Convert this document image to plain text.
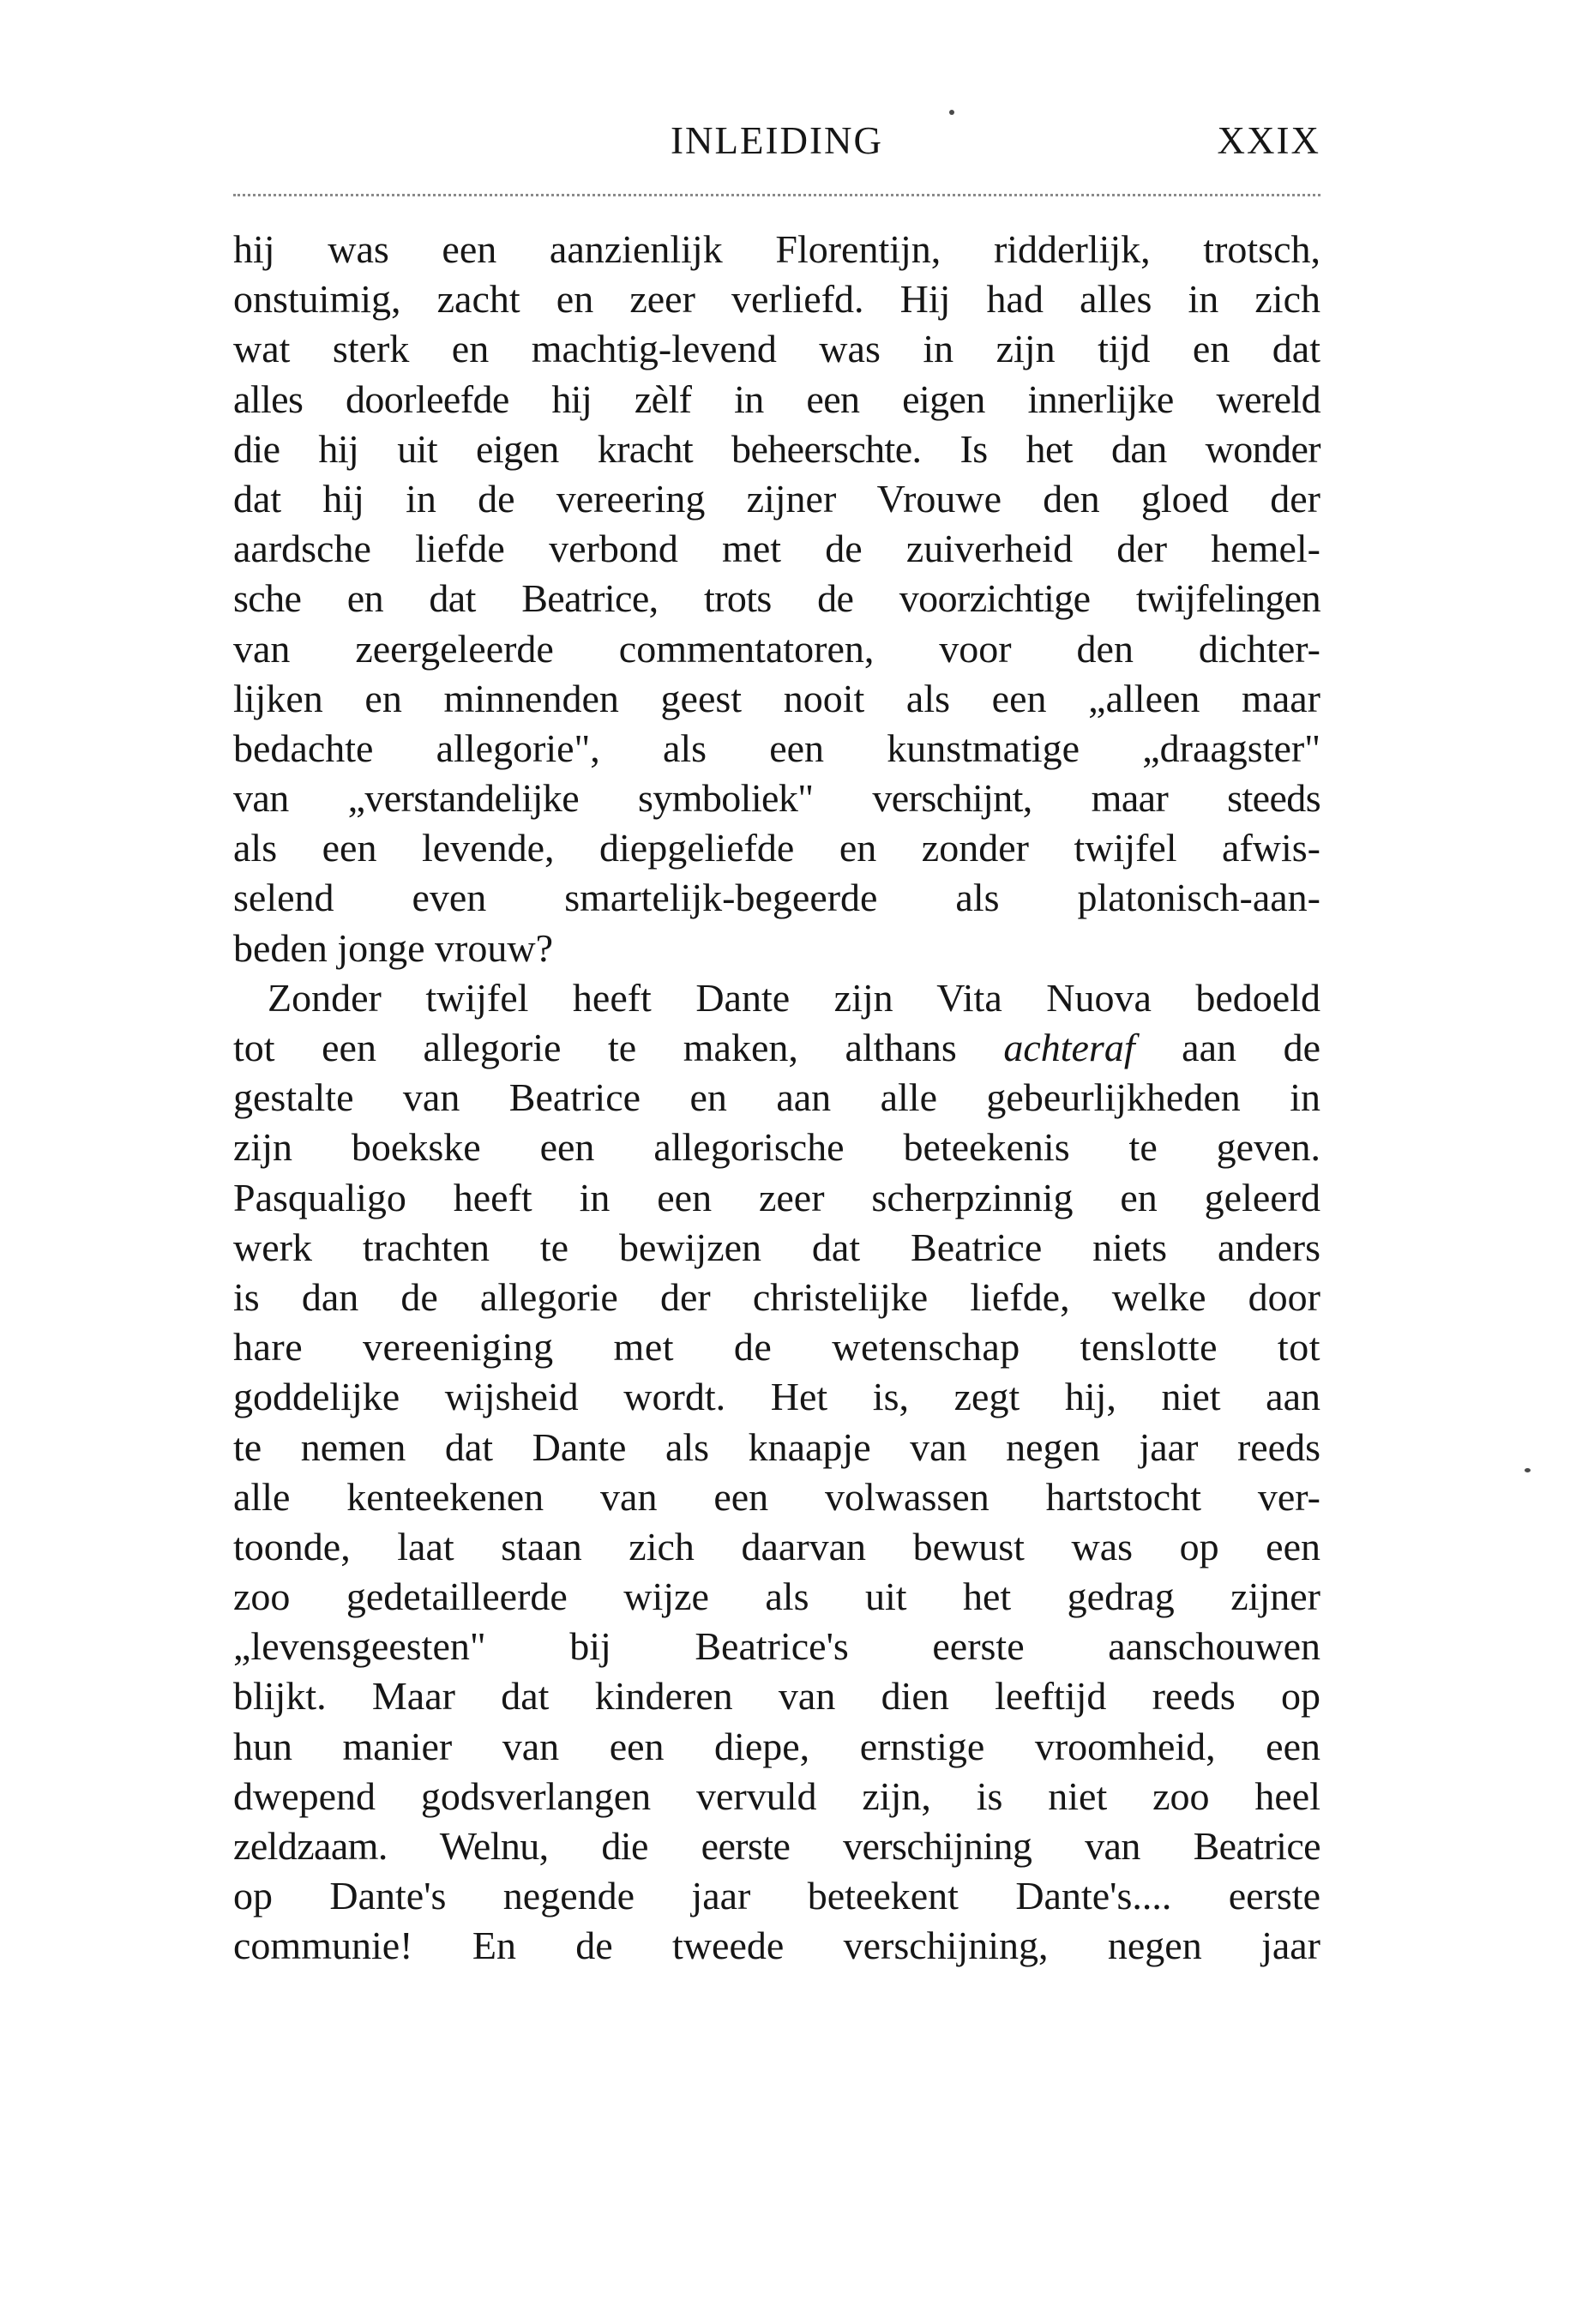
INLEIDING	XXIX
hij was een aanzienlijk Florentijn, ridderlijk, trotsch,
onstuimig, zacht en zeer verliefd. Hij had alles in zich
wat sterk en machtig-levend was in zijn tijd en dat
alles doorleefde hij zèlf in een eigen innerlijke wereld
die hij uit eigen kracht beheerschte. Is het dan wonder
dat hij in de vereering zijner Vrouwe den gloed der
aardsche liefde verbond met de zuiverheid der hemel-
sche en dat Beatrice, trots de voorzichtige twijfelingen
van zeergeleerde commentatoren, voor den dichter-
lijken en minnenden geest nooit als een „alleen maar
bedachte allegorie", als een kunstmatige „draagster"
van „verstandelijke symboliek" verschijnt, maar steeds
als een levende, diepgeliefde en zonder twijfel afwis-
selend even smartelijk-begeerde als platonisch-aan-
beden jonge vrouw?
Zonder twijfel heeft Dante zijn Vita Nuova bedoeld
tot een allegorie te maken, althans achteraf aan de
gestalte van Beatrice en aan alle gebeurlijkheden in
zijn boekske een allegorische beteekenis te geven.
Pasqualigo heeft in een zeer scherpzinnig en geleerd
werk trachten te bewijzen dat Beatrice niets anders
is dan de allegorie der christelijke liefde, welke door
hare vereeniging met de wetenschap tenslotte tot
goddelijke wijsheid wordt. Het is, zegt hij, niet aan
te nemen dat Dante als knaapje van negen jaar reeds
alle kenteekenen van een volwassen hartstocht ver-
toonde, laat staan zich daarvan bewust was op een
zoo gedetailleerde wijze als uit het gedrag zijner
„levensgeesten" bij Beatrice's eerste aanschouwen
blijkt. Maar dat kinderen van dien leeftijd reeds op
hun manier van een diepe, ernstige vroomheid, een
dwepend godsverlangen vervuld zijn, is niet zoo heel
zeldzaam. Welnu, die eerste verschijning van Beatrice
op Dante's negende jaar beteekent Dante's.... eerste
communie! En de tweede verschijning, negen jaar
